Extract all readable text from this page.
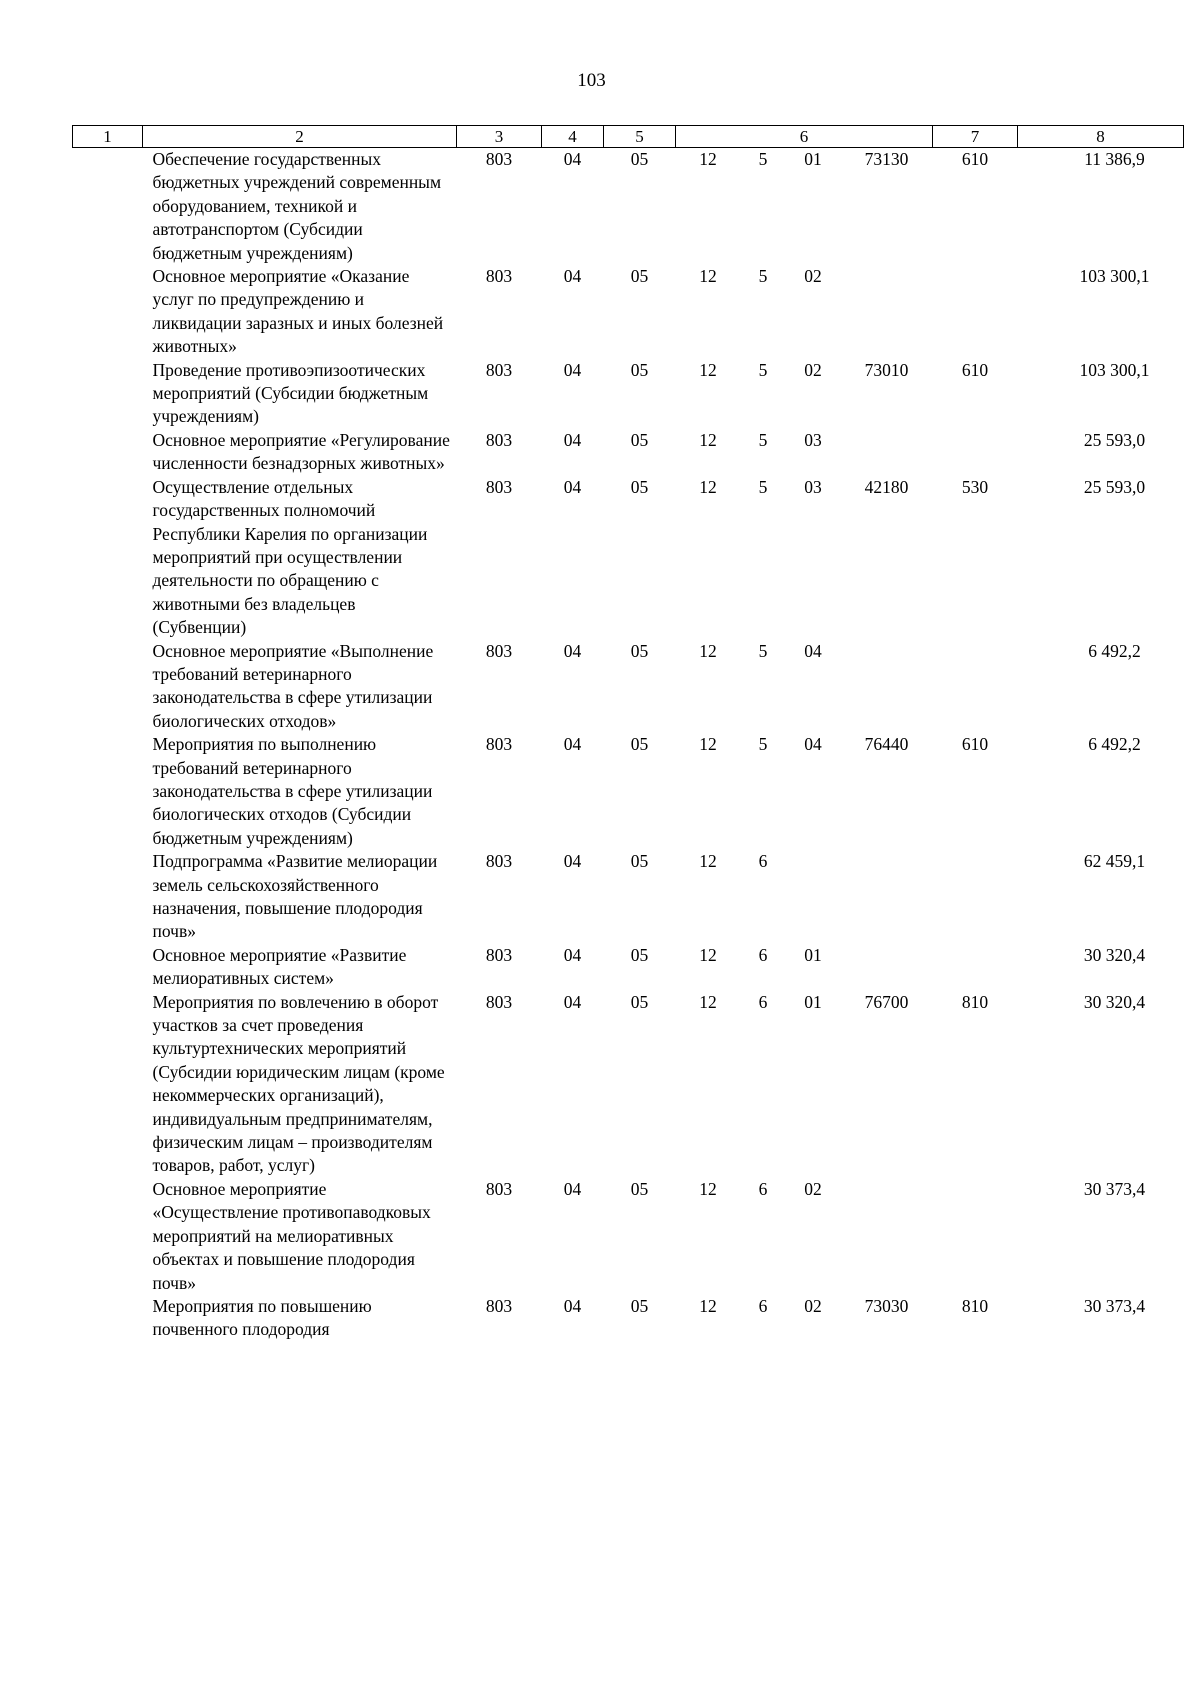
103
1	2	3	4	5	6				7	8
	Обеспечение государственных бюджетных учреждений современным оборудованием, техникой и автотранспортом (Субсидии бюджетным учреждениям)	803	04	05	12	5	01	73130	610	11 386,9
	Основное мероприятие «Оказание услуг по предупреждению и ликвидации заразных и иных болезней животных»	803	04	05	12	5	02			103 300,1
	Проведение противоэпизоотических мероприятий (Субсидии бюджетным учреждениям)	803	04	05	12	5	02	73010	610	103 300,1
	Основное мероприятие «Регулирование численности безнадзорных животных»	803	04	05	12	5	03			25 593,0
	Осуществление отдельных государственных полномочий Республики Карелия по организации мероприятий при осуществлении деятельности по обращению с животными без владельцев (Субвенции)	803	04	05	12	5	03	42180	530	25 593,0
	Основное мероприятие «Выполнение требований ветеринарного законодательства в сфере утилизации биологических отходов»	803	04	05	12	5	04			6 492,2
	Мероприятия по выполнению требований ветеринарного законодательства в сфере утилизации биологических отходов (Субсидии бюджетным учреждениям)	803	04	05	12	5	04	76440	610	6 492,2
	Подпрограмма «Развитие мелиорации земель сельскохозяйственного назначения, повышение плодородия почв»	803	04	05	12	6				62 459,1
	Основное мероприятие «Развитие мелиоративных систем»	803	04	05	12	6	01			30 320,4
	Мероприятия по вовлечению в оборот участков за счет проведения культуртехнических мероприятий (Субсидии юридическим лицам (кроме некоммерческих организаций), индивидуальным предпринимателям, физическим лицам – производителям товаров, работ, услуг)	803	04	05	12	6	01	76700	810	30 320,4
	Основное мероприятие «Осуществление противопаводковых мероприятий на мелиоративных объектах и повышение плодородия почв»	803	04	05	12	6	02			30 373,4
	Мероприятия по повышению почвенного плодородия	803	04	05	12	6	02	73030	810	30 373,4
